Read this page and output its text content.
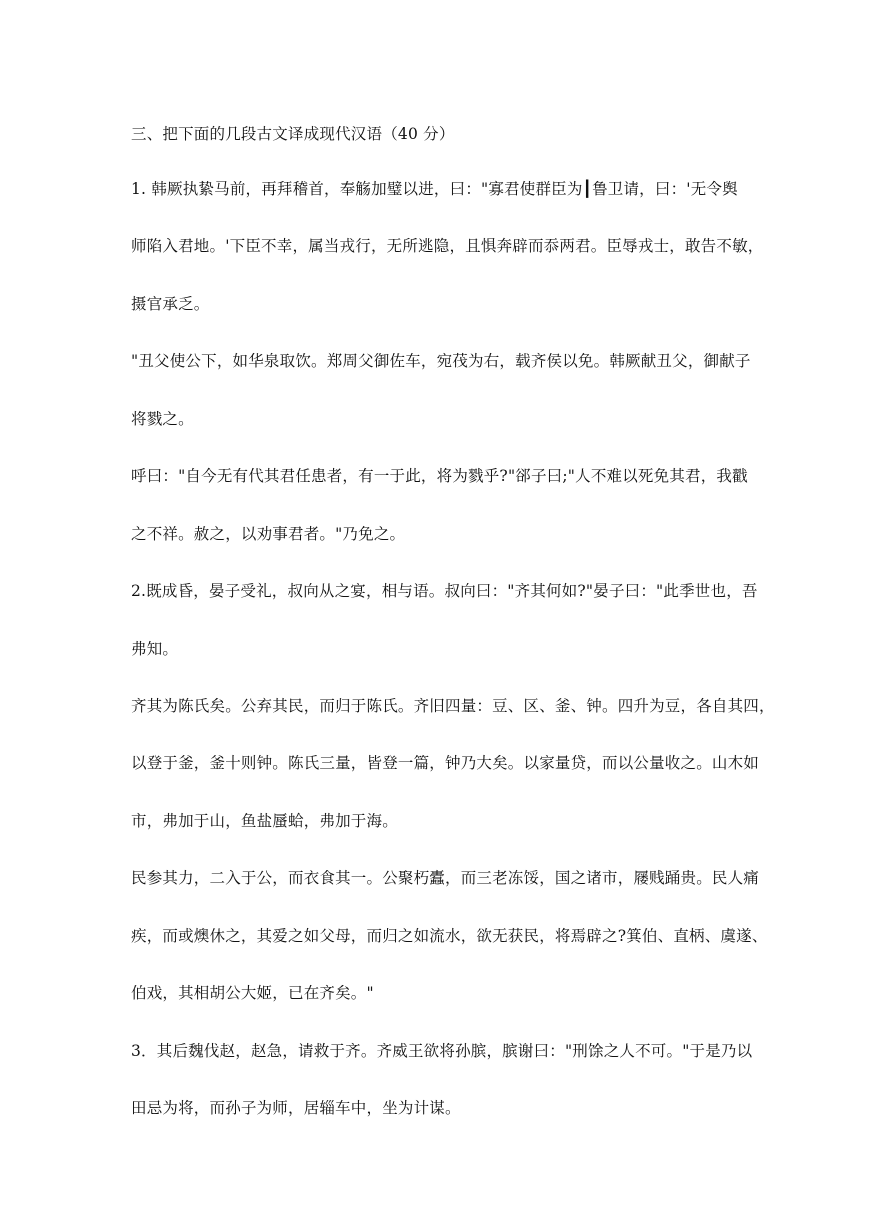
三、把下面的几段古文译成现代汉语（40 分）
1. 韩厥执絷马前，再拜稽首，奉觞加璧以进，曰："寡君使群臣为┃鲁卫请，曰：'无令舆
师陷入君地。'下臣不幸，属当戎行，无所逃隐，且惧奔辟而忝两君。臣辱戎士，敢告不敏，
摄官承乏。
"丑父使公下，如华泉取饮。郑周父御佐车，宛茷为右，载齐侯以免。韩厥献丑父，御献子
将戮之。
呼曰："自今无有代其君任患者，有一于此，将为戮乎?"郤子曰;"人不难以死免其君，我戳
之不祥。赦之，以劝事君者。"乃免之。
2.既成昏，晏子受礼，叔向从之宴，相与语。叔向曰："齐其何如?"晏子曰："此季世也，吾
弗知。
齐其为陈氏矣。公弃其民，而归于陈氏。齐旧四量：豆、区、釜、钟。四升为豆，各自其四，
以登于釜，釜十则钟。陈氏三量，皆登一篇，钟乃大矣。以家量贷，而以公量收之。山木如
市，弗加于山，鱼盐蜃蛤，弗加于海。
民参其力，二入于公，而衣食其一。公聚朽蠹，而三老冻馁，国之诸市，屦贱踊贵。民人痛
疾，而或燠休之，其爱之如父母，而归之如流水，欲无获民，将焉辟之?箕伯、直柄、虞遂、
伯戏，其相胡公大姬，已在齐矣。"
3．其后魏伐赵，赵急，请救于齐。齐威王欲将孙膑，膑谢曰："刑馀之人不可。"于是乃以
田忌为将，而孙子为师，居辎车中，坐为计谋。
